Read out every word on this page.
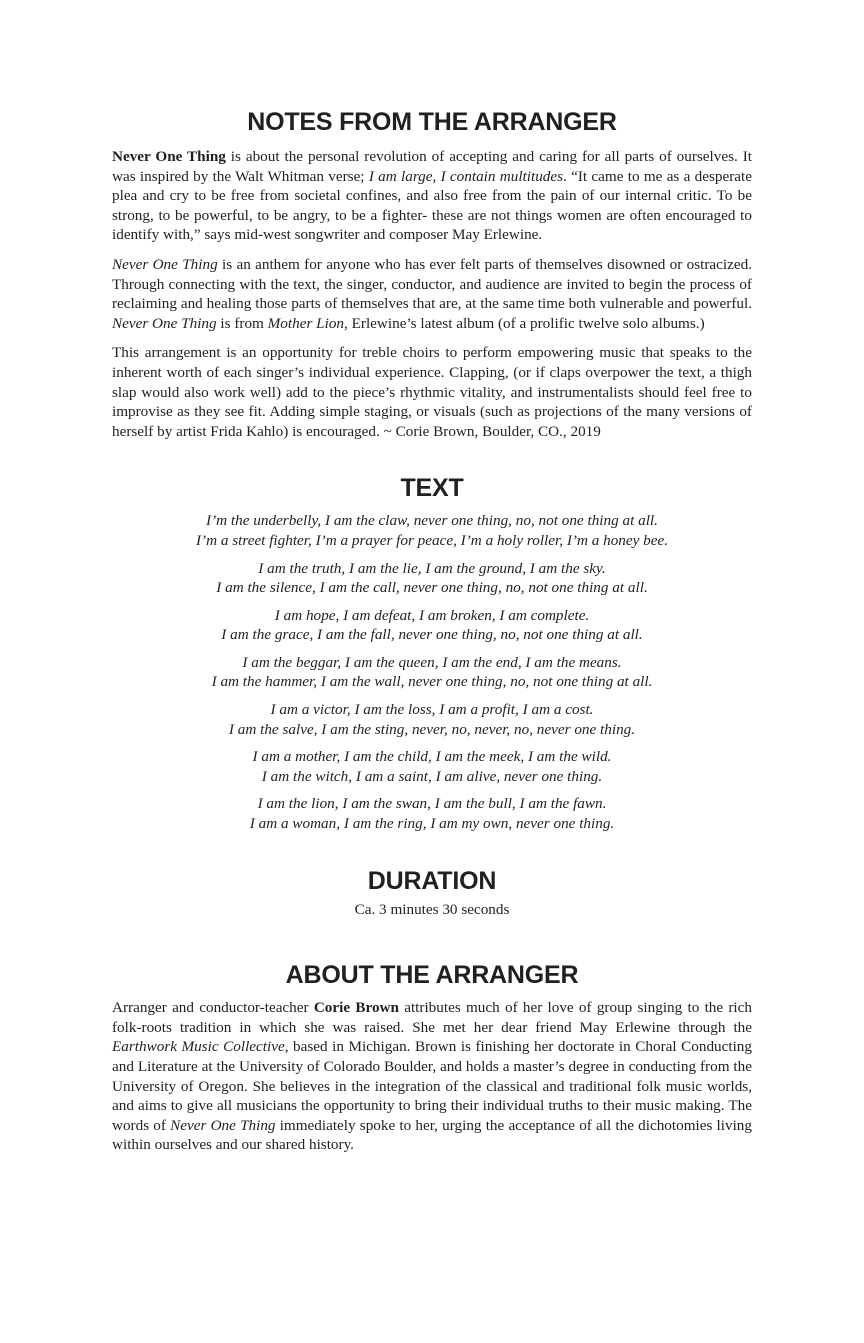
NOTES FROM THE ARRANGER

Never One Thing is about the personal revolution of accepting and caring for all parts of ourselves. It was inspired by the Walt Whitman verse; I am large, I contain multitudes. “It came to me as a desperate plea and cry to be free from societal confines, and also free from the pain of our internal critic. To be strong, to be powerful, to be angry, to be a fighter- these are not things women are often encouraged to identify with,” says mid-west songwriter and composer May Erlewine.

Never One Thing is an anthem for anyone who has ever felt parts of themselves disowned or ostracized. Through connecting with the text, the singer, conductor, and audience are invited to begin the process of reclaiming and healing those parts of themselves that are, at the same time both vulnerable and powerful. Never One Thing is from Mother Lion, Erlewine’s latest album (of a prolific twelve solo albums.)

This arrangement is an opportunity for treble choirs to perform empowering music that speaks to the inherent worth of each singer’s individual experience. Clapping, (or if claps overpower the text, a thigh slap would also work well) add to the piece’s rhythmic vitality, and instrumentalists should feel free to improvise as they see fit. Adding simple staging, or visuals (such as projections of the many versions of herself by artist Frida Kahlo) is encouraged. ~ Corie Brown, Boulder, CO., 2019

TEXT

I’m the underbelly, I am the claw, never one thing, no, not one thing at all.
I’m a street fighter, I’m a prayer for peace, I’m a holy roller, I’m a honey bee.

I am the truth, I am the lie, I am the ground, I am the sky.
I am the silence, I am the call, never one thing, no, not one thing at all.

I am hope, I am defeat, I am broken, I am complete.
I am the grace, I am the fall, never one thing, no, not one thing at all.

I am the beggar, I am the queen, I am the end, I am the means.
I am the hammer, I am the wall, never one thing, no, not one thing at all.

I am a victor, I am the loss, I am a profit, I am a cost.
I am the salve, I am the sting, never, no, never, no, never one thing.

I am a mother, I am the child, I am the meek, I am the wild.
I am the witch, I am a saint, I am alive, never one thing.

I am the lion, I am the swan, I am the bull, I am the fawn.
I am a woman, I am the ring, I am my own, never one thing.

DURATION

Ca. 3 minutes 30 seconds

ABOUT THE ARRANGER

Arranger and conductor-teacher Corie Brown attributes much of her love of group singing to the rich folk-roots tradition in which she was raised. She met her dear friend May Erlewine through the Earthwork Music Collective, based in Michigan. Brown is finishing her doctorate in Choral Conducting and Literature at the University of Colorado Boulder, and holds a master’s degree in conducting from the University of Oregon. She believes in the integration of the classical and traditional folk music worlds, and aims to give all musicians the opportunity to bring their individual truths to their music making. The words of Never One Thing immediately spoke to her, urging the acceptance of all the dichotomies living within ourselves and our shared history.
